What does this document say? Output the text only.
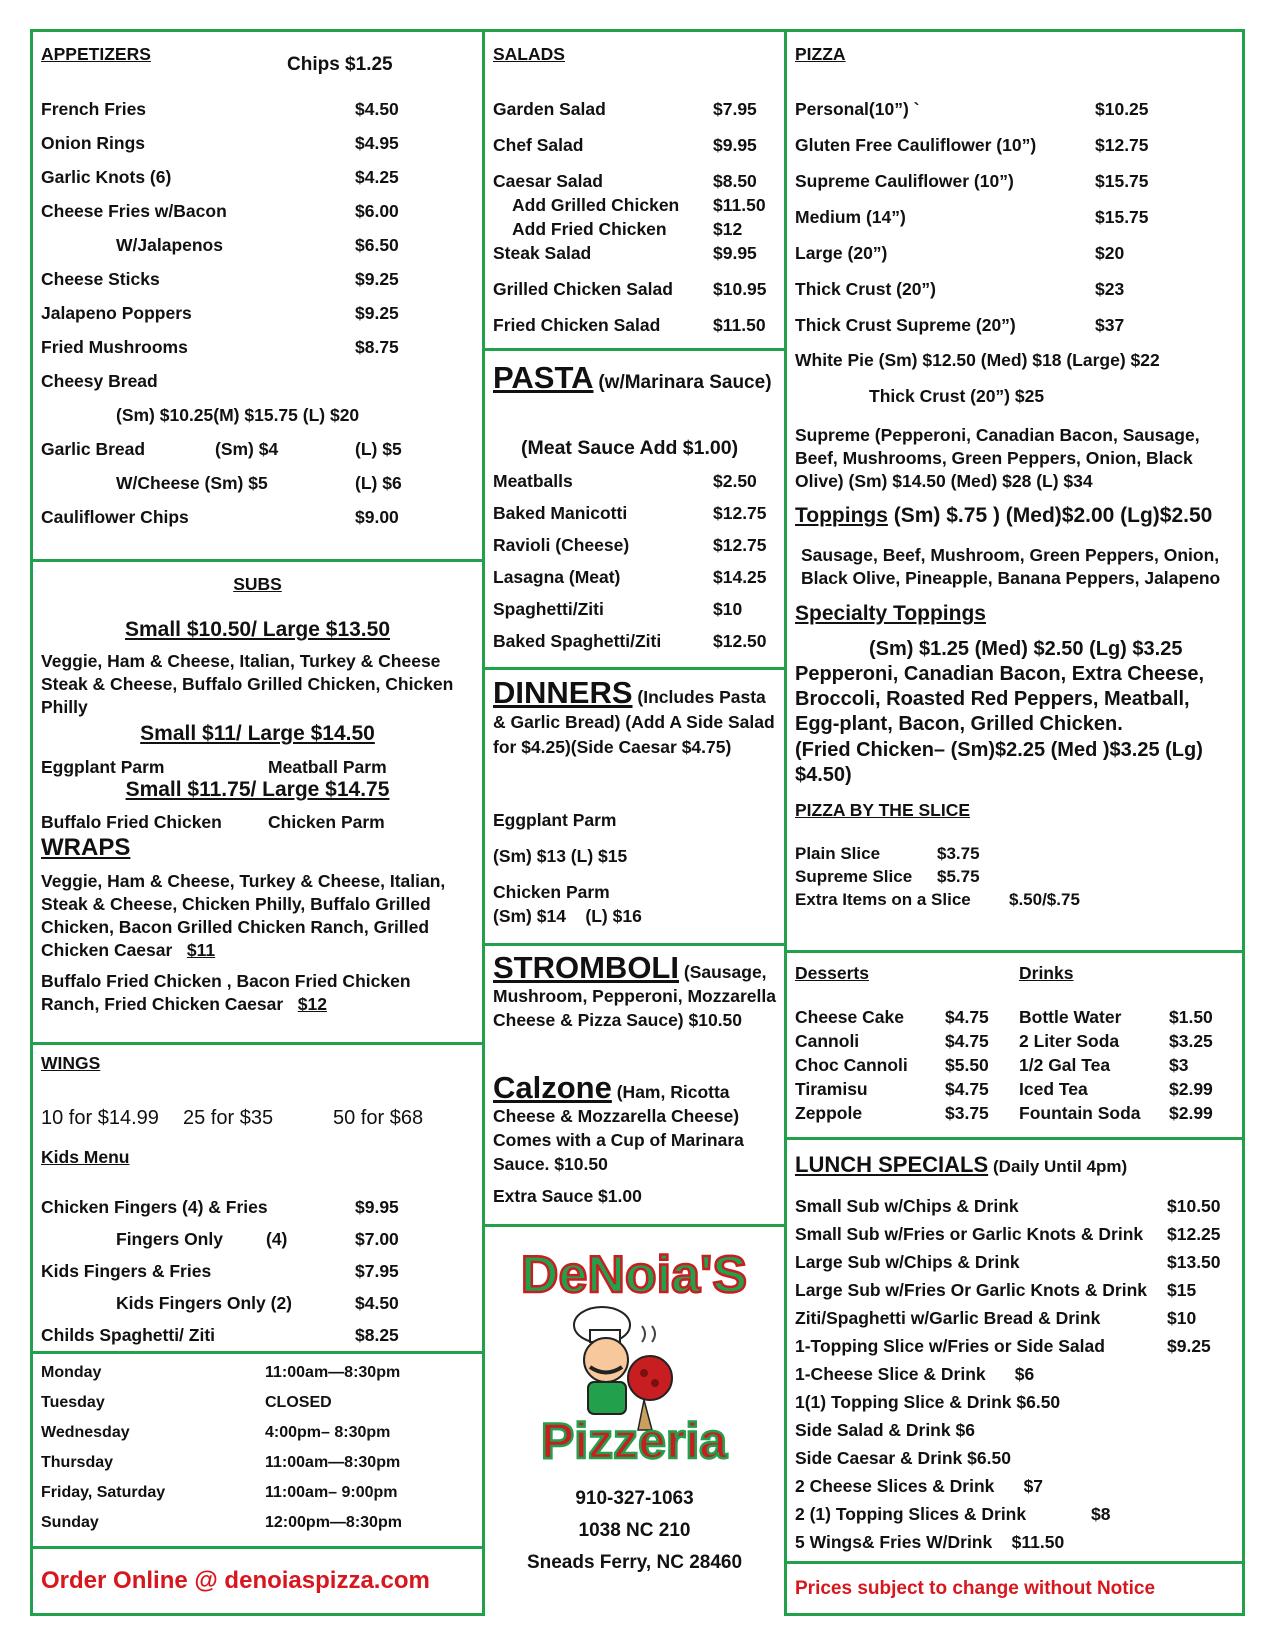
APPETIZERS	Chips $1.25
French Fries	$4.50
Onion Rings	$4.95
Garlic Knots (6)	$4.25
Cheese Fries w/Bacon	$6.00
W/Jalapenos	$6.50
Cheese Sticks	$9.25
Jalapeno Poppers	$9.25
Fried Mushrooms	$8.75
Cheesy Bread
(Sm) $10.25(M) $15.75 (L) $20
Garlic Bread	(Sm) $4	(L) $5
W/Cheese (Sm) $5	(L) $6
Cauliflower Chips	$9.00
SUBS
Small $10.50/ Large $13.50
Veggie, Ham & Cheese, Italian, Turkey & Cheese Steak & Cheese, Buffalo Grilled Chicken, Chicken Philly
Small $11/ Large $14.50
Eggplant Parm	Meatball Parm
Small $11.75/ Large $14.75
Buffalo Fried Chicken	Chicken Parm
WRAPS
Veggie, Ham & Cheese, Turkey & Cheese, Italian, Steak & Cheese, Chicken Philly, Buffalo Grilled Chicken, Bacon Grilled Chicken Ranch, Grilled Chicken Caesar $11
Buffalo Fried Chicken , Bacon Fried Chicken Ranch, Fried Chicken Caesar $12
WINGS
10 for $14.99 25 for $35	50 for $68
Kids Menu
Chicken Fingers (4) & Fries	$9.95
Fingers Only (4)	$7.00
Kids Fingers & Fries	$7.95
Kids Fingers Only (2)	$4.50
Childs Spaghetti/ Ziti	$8.25
Monday	11:00am—8:30pm
Tuesday	CLOSED
Wednesday	4:00pm– 8:30pm
Thursday	11:00am—8:30pm
Friday, Saturday	11:00am– 9:00pm
Sunday	12:00pm—8:30pm
Order Online @ denoiaspizza.com
SALADS
Garden Salad	$7.95
Chef Salad	$9.95
Caesar Salad	$8.50
Add Grilled Chicken $11.50
Add Fried Chicken	$12
Steak Salad	$9.95
Grilled Chicken Salad $10.95
Fried Chicken Salad	$11.50
PASTA (w/Marinara Sauce)
(Meat Sauce Add $1.00)
Meatballs	$2.50
Baked Manicotti	$12.75
Ravioli (Cheese)	$12.75
Lasagna (Meat)	$14.25
Spaghetti/Ziti	$10
Baked Spaghetti/Ziti	$12.50
DINNERS (Includes Pasta & Garlic Bread) (Add A Side Salad for $4.25)(Side Caesar $4.75)
Eggplant Parm
(Sm) $13 (L) $15
Chicken Parm
(Sm) $14    (L) $16
STROMBOLI (Sausage, Mushroom, Pepperoni, Mozzarella Cheese & Pizza Sauce) $10.50
Calzone (Ham, Ricotta Cheese & Mozzarella Cheese) Comes with a Cup of Marinara Sauce. $10.50
Extra Sauce $1.00
DeNoia'S
Pizzeria
910-327-1063
1038 NC 210
Sneads Ferry, NC 28460
PIZZA
Personal(10”) `	$10.25
Gluten Free Cauliflower (10”)	$12.75
Supreme Cauliflower (10”)	$15.75
Medium (14”)	$15.75
Large (20”)	$20
Thick Crust (20”)	$23
Thick Crust Supreme (20”)	$37
White Pie (Sm) $12.50 (Med) $18 (Large) $22
Thick Crust (20”) $25
Supreme (Pepperoni, Canadian Bacon, Sausage, Beef, Mushrooms, Green Peppers, Onion, Black Olive) (Sm) $14.50 (Med) $28 (L) $34
Toppings (Sm) $.75 ) (Med)$2.00 (Lg)$2.50
Sausage, Beef, Mushroom, Green Peppers, Onion, Black Olive, Pineapple, Banana Peppers, Jalapeno
Specialty Toppings
(Sm) $1.25 (Med) $2.50 (Lg) $3.25
Pepperoni, Canadian Bacon, Extra Cheese, Broccoli, Roasted Red Peppers, Meatball, Egg-plant, Bacon, Grilled Chicken.
(Fried Chicken– (Sm)$2.25 (Med )$3.25 (Lg) $4.50)
PIZZA BY THE SLICE
Plain Slice	$3.75
Supreme Slice $5.75
Extra Items on a Slice $.50/$.75
Desserts	Drinks
Cheese Cake $4.75
Cannoli	$4.75
Choc Cannoli $5.50
Tiramisu	$4.75
Zeppole	$3.75
Bottle Water	$1.50
2 Liter Soda	$3.25
1/2 Gal Tea	$3
Iced Tea	$2.99
Fountain Soda $2.99
LUNCH SPECIALS (Daily Until 4pm)
Small Sub w/Chips & Drink	$10.50
Small Sub w/Fries or Garlic Knots & Drink $12.25
Large Sub w/Chips & Drink	$13.50
Large Sub w/Fries Or Garlic Knots & Drink $15
Ziti/Spaghetti w/Garlic Bread & Drink	$10
1-Topping Slice w/Fries or Side Salad	$9.25
1-Cheese Slice & Drink      $6
1(1) Topping Slice & Drink $6.50
Side Salad & Drink $6
Side Caesar & Drink $6.50
2 Cheese Slices & Drink      $7
2 (1) Topping Slices & Drink	$8
5 Wings& Fries W/Drink    $11.50
Prices subject to change without Notice
